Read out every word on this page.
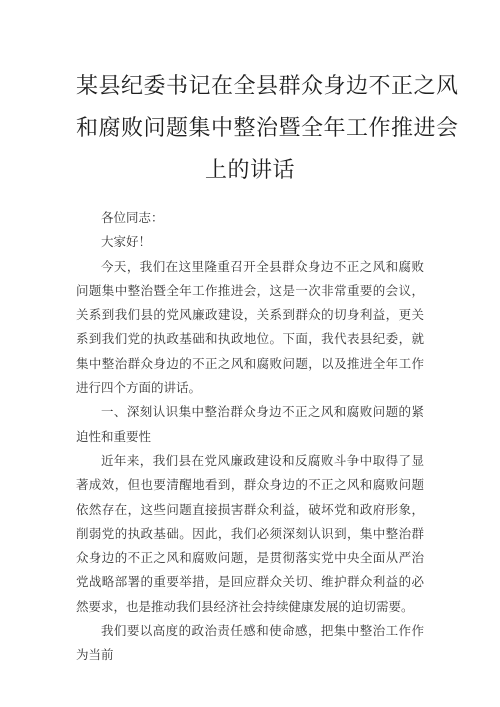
某县纪委书记在全县群众身边不正之风
和腐败问题集中整治暨全年工作推进会
上的讲话

各位同志：

大家好！

今天，我们在这里隆重召开全县群众身边不正之风和腐败问题集中整治暨全年工作推进会，这是一次非常重要的会议，关系到我们县的党风廉政建设，关系到群众的切身利益，更关系到我们党的执政基础和执政地位。下面，我代表县纪委，就集中整治群众身边的不正之风和腐败问题，以及推进全年工作进行四个方面的讲话。

一、深刻认识集中整治群众身边不正之风和腐败问题的紧迫性和重要性

近年来，我们县在党风廉政建设和反腐败斗争中取得了显著成效，但也要清醒地看到，群众身边的不正之风和腐败问题依然存在，这些问题直接损害群众利益，破坏党和政府形象，削弱党的执政基础。因此，我们必须深刻认识到，集中整治群众身边的不正之风和腐败问题，是贯彻落实党中央全面从严治党战略部署的重要举措，是回应群众关切、维护群众利益的必然要求，也是推动我们县经济社会持续健康发展的迫切需要。

我们要以高度的政治责任感和使命感，把集中整治工作作为当前
